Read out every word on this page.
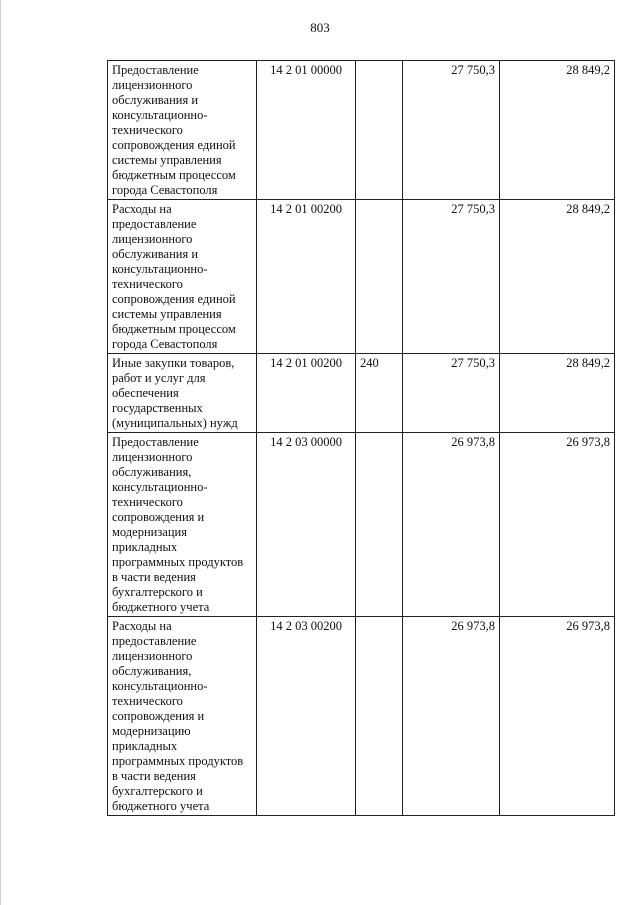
803
Предоставление лицензионного обслуживания и консультационно-технического сопровождения единой системы управления бюджетным процессом города Севастополя	14 2 01 00000		27 750,3	28 849,2
Расходы на предоставление лицензионного обслуживания и консультационно-технического сопровождения единой системы управления бюджетным процессом города Севастополя	14 2 01 00200		27 750,3	28 849,2
Иные закупки товаров, работ и услуг для обеспечения государственных (муниципальных) нужд	14 2 01 00200	240	27 750,3	28 849,2
Предоставление лицензионного обслуживания, консультационно-технического сопровождения и модернизация прикладных программных продуктов в части ведения бухгалтерского и бюджетного учета	14 2 03 00000		26 973,8	26 973,8
Расходы на предоставление лицензионного обслуживания, консультационно-технического сопровождения и модернизацию прикладных программных продуктов в части ведения бухгалтерского и бюджетного учета	14 2 03 00200		26 973,8	26 973,8
